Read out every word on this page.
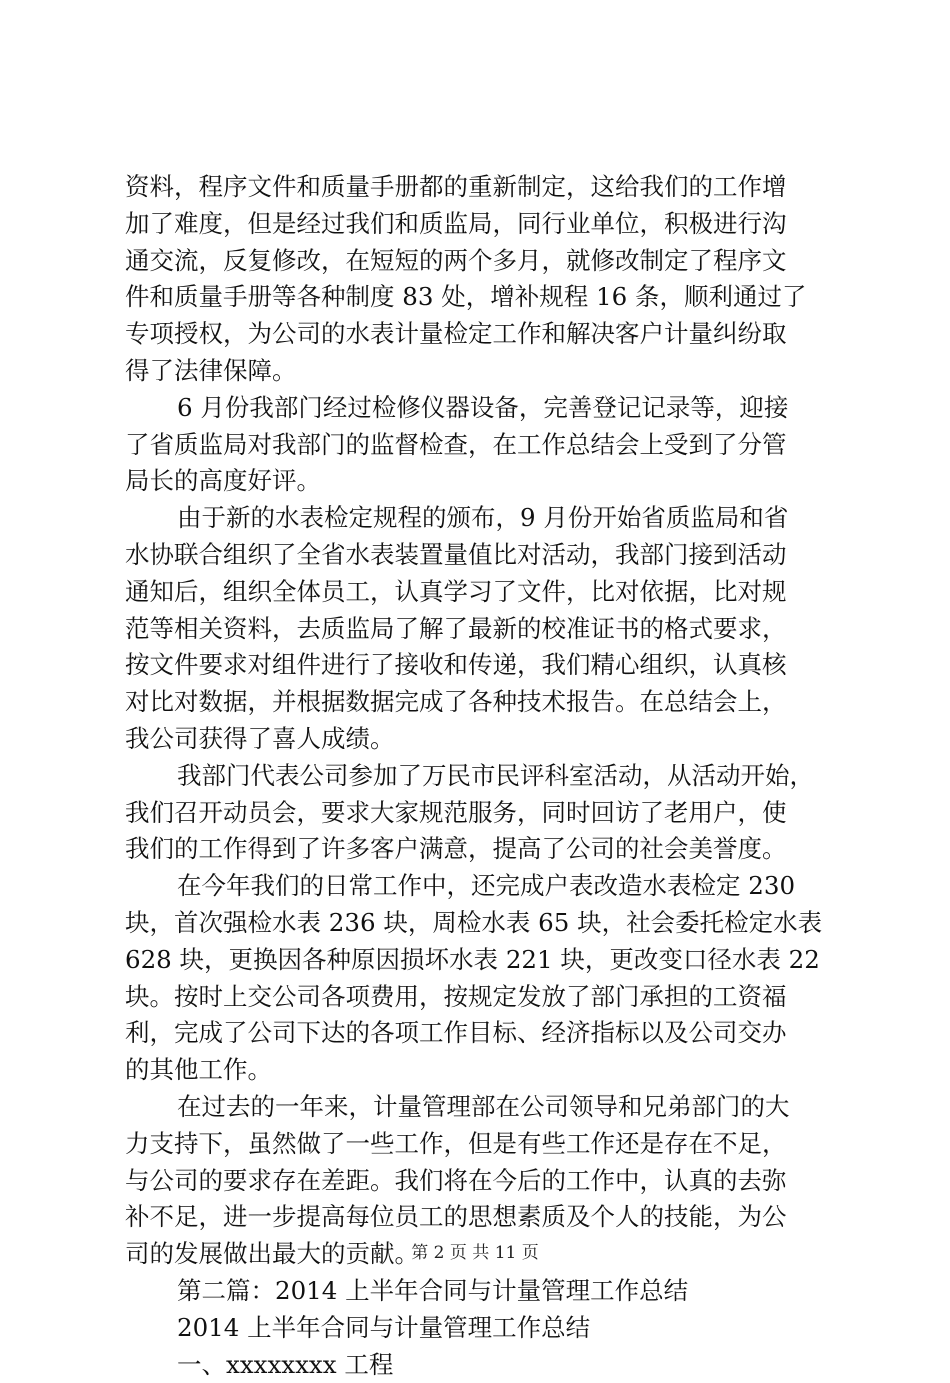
资料，程序文件和质量手册都的重新制定，这给我们的工作增
加了难度，但是经过我们和质监局，同行业单位，积极进行沟
通交流，反复修改，在短短的两个多月，就修改制定了程序文
件和质量手册等各种制度 83 处，增补规程 16 条，顺利通过了
专项授权，为公司的水表计量检定工作和解决客户计量纠纷取
得了法律保障。
6 月份我部门经过检修仪器设备，完善登记记录等，迎接
了省质监局对我部门的监督检查，在工作总结会上受到了分管
局长的高度好评。
由于新的水表检定规程的颁布，9 月份开始省质监局和省
水协联合组织了全省水表装置量值比对活动，我部门接到活动
通知后，组织全体员工，认真学习了文件，比对依据，比对规
范等相关资料，去质监局了解了最新的校准证书的格式要求，
按文件要求对组件进行了接收和传递，我们精心组织，认真核
对比对数据，并根据数据完成了各种技术报告。在总结会上，
我公司获得了喜人成绩。
我部门代表公司参加了万民市民评科室活动，从活动开始，
我们召开动员会，要求大家规范服务，同时回访了老用户，使
我们的工作得到了许多客户满意，提高了公司的社会美誉度。
在今年我们的日常工作中，还完成户表改造水表检定 230
块，首次强检水表 236 块，周检水表 65 块，社会委托检定水表
628 块，更换因各种原因损坏水表 221 块，更改变口径水表 22
块。按时上交公司各项费用，按规定发放了部门承担的工资福
利，完成了公司下达的各项工作目标、经济指标以及公司交办
的其他工作。
在过去的一年来，计量管理部在公司领导和兄弟部门的大
力支持下，虽然做了一些工作，但是有些工作还是存在不足，
与公司的要求存在差距。我们将在今后的工作中，认真的去弥
补不足，进一步提高每位员工的思想素质及个人的技能，为公
司的发展做出最大的贡献。
第二篇：2014 上半年合同与计量管理工作总结
2014 上半年合同与计量管理工作总结
一、xxxxxxxx 工程
第 2 页 共 11 页
